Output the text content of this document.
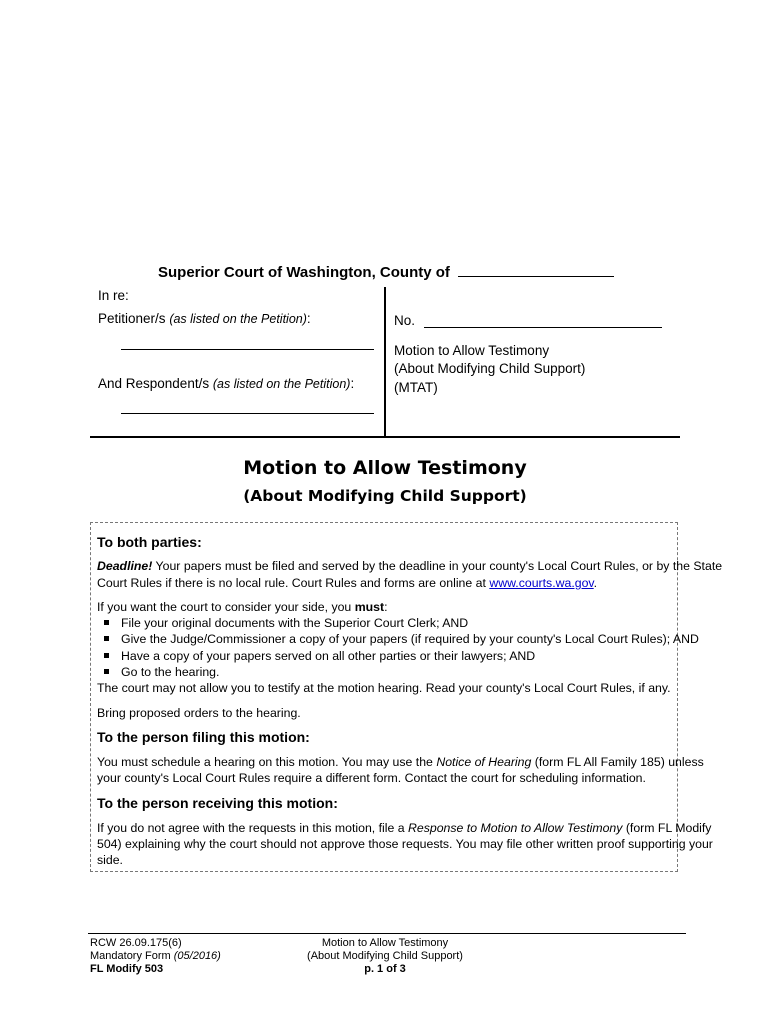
Superior Court of Washington, County of
In re:
Petitioner/s (as listed on the Petition):
And Respondent/s (as listed on the Petition):
No.
Motion to Allow Testimony
(About Modifying Child Support)
(MTAT)
Motion to Allow Testimony
(About Modifying Child Support)
To both parties:
Deadline! Your papers must be filed and served by the deadline in your county's Local Court Rules, or by the State
Court Rules if there is no local rule. Court Rules and forms are online at www.courts.wa.gov.
If you want the court to consider your side, you must:
File your original documents with the Superior Court Clerk; AND
Give the Judge/Commissioner a copy of your papers (if required by your county's Local Court Rules); AND
Have a copy of your papers served on all other parties or their lawyers; AND
Go to the hearing.
The court may not allow you to testify at the motion hearing. Read your county's Local Court Rules, if any.
Bring proposed orders to the hearing.
To the person filing this motion:
You must schedule a hearing on this motion. You may use the Notice of Hearing (form FL All Family 185) unless
your county's Local Court Rules require a different form. Contact the court for scheduling information.
To the person receiving this motion:
If you do not agree with the requests in this motion, file a Response to Motion to Allow Testimony (form FL Modify
504) explaining why the court should not approve those requests. You may file other written proof supporting your
side.
RCW 26.09.175(6)
Mandatory Form (05/2016)
FL Modify 503
Motion to Allow Testimony
(About Modifying Child Support)
p. 1 of 3
